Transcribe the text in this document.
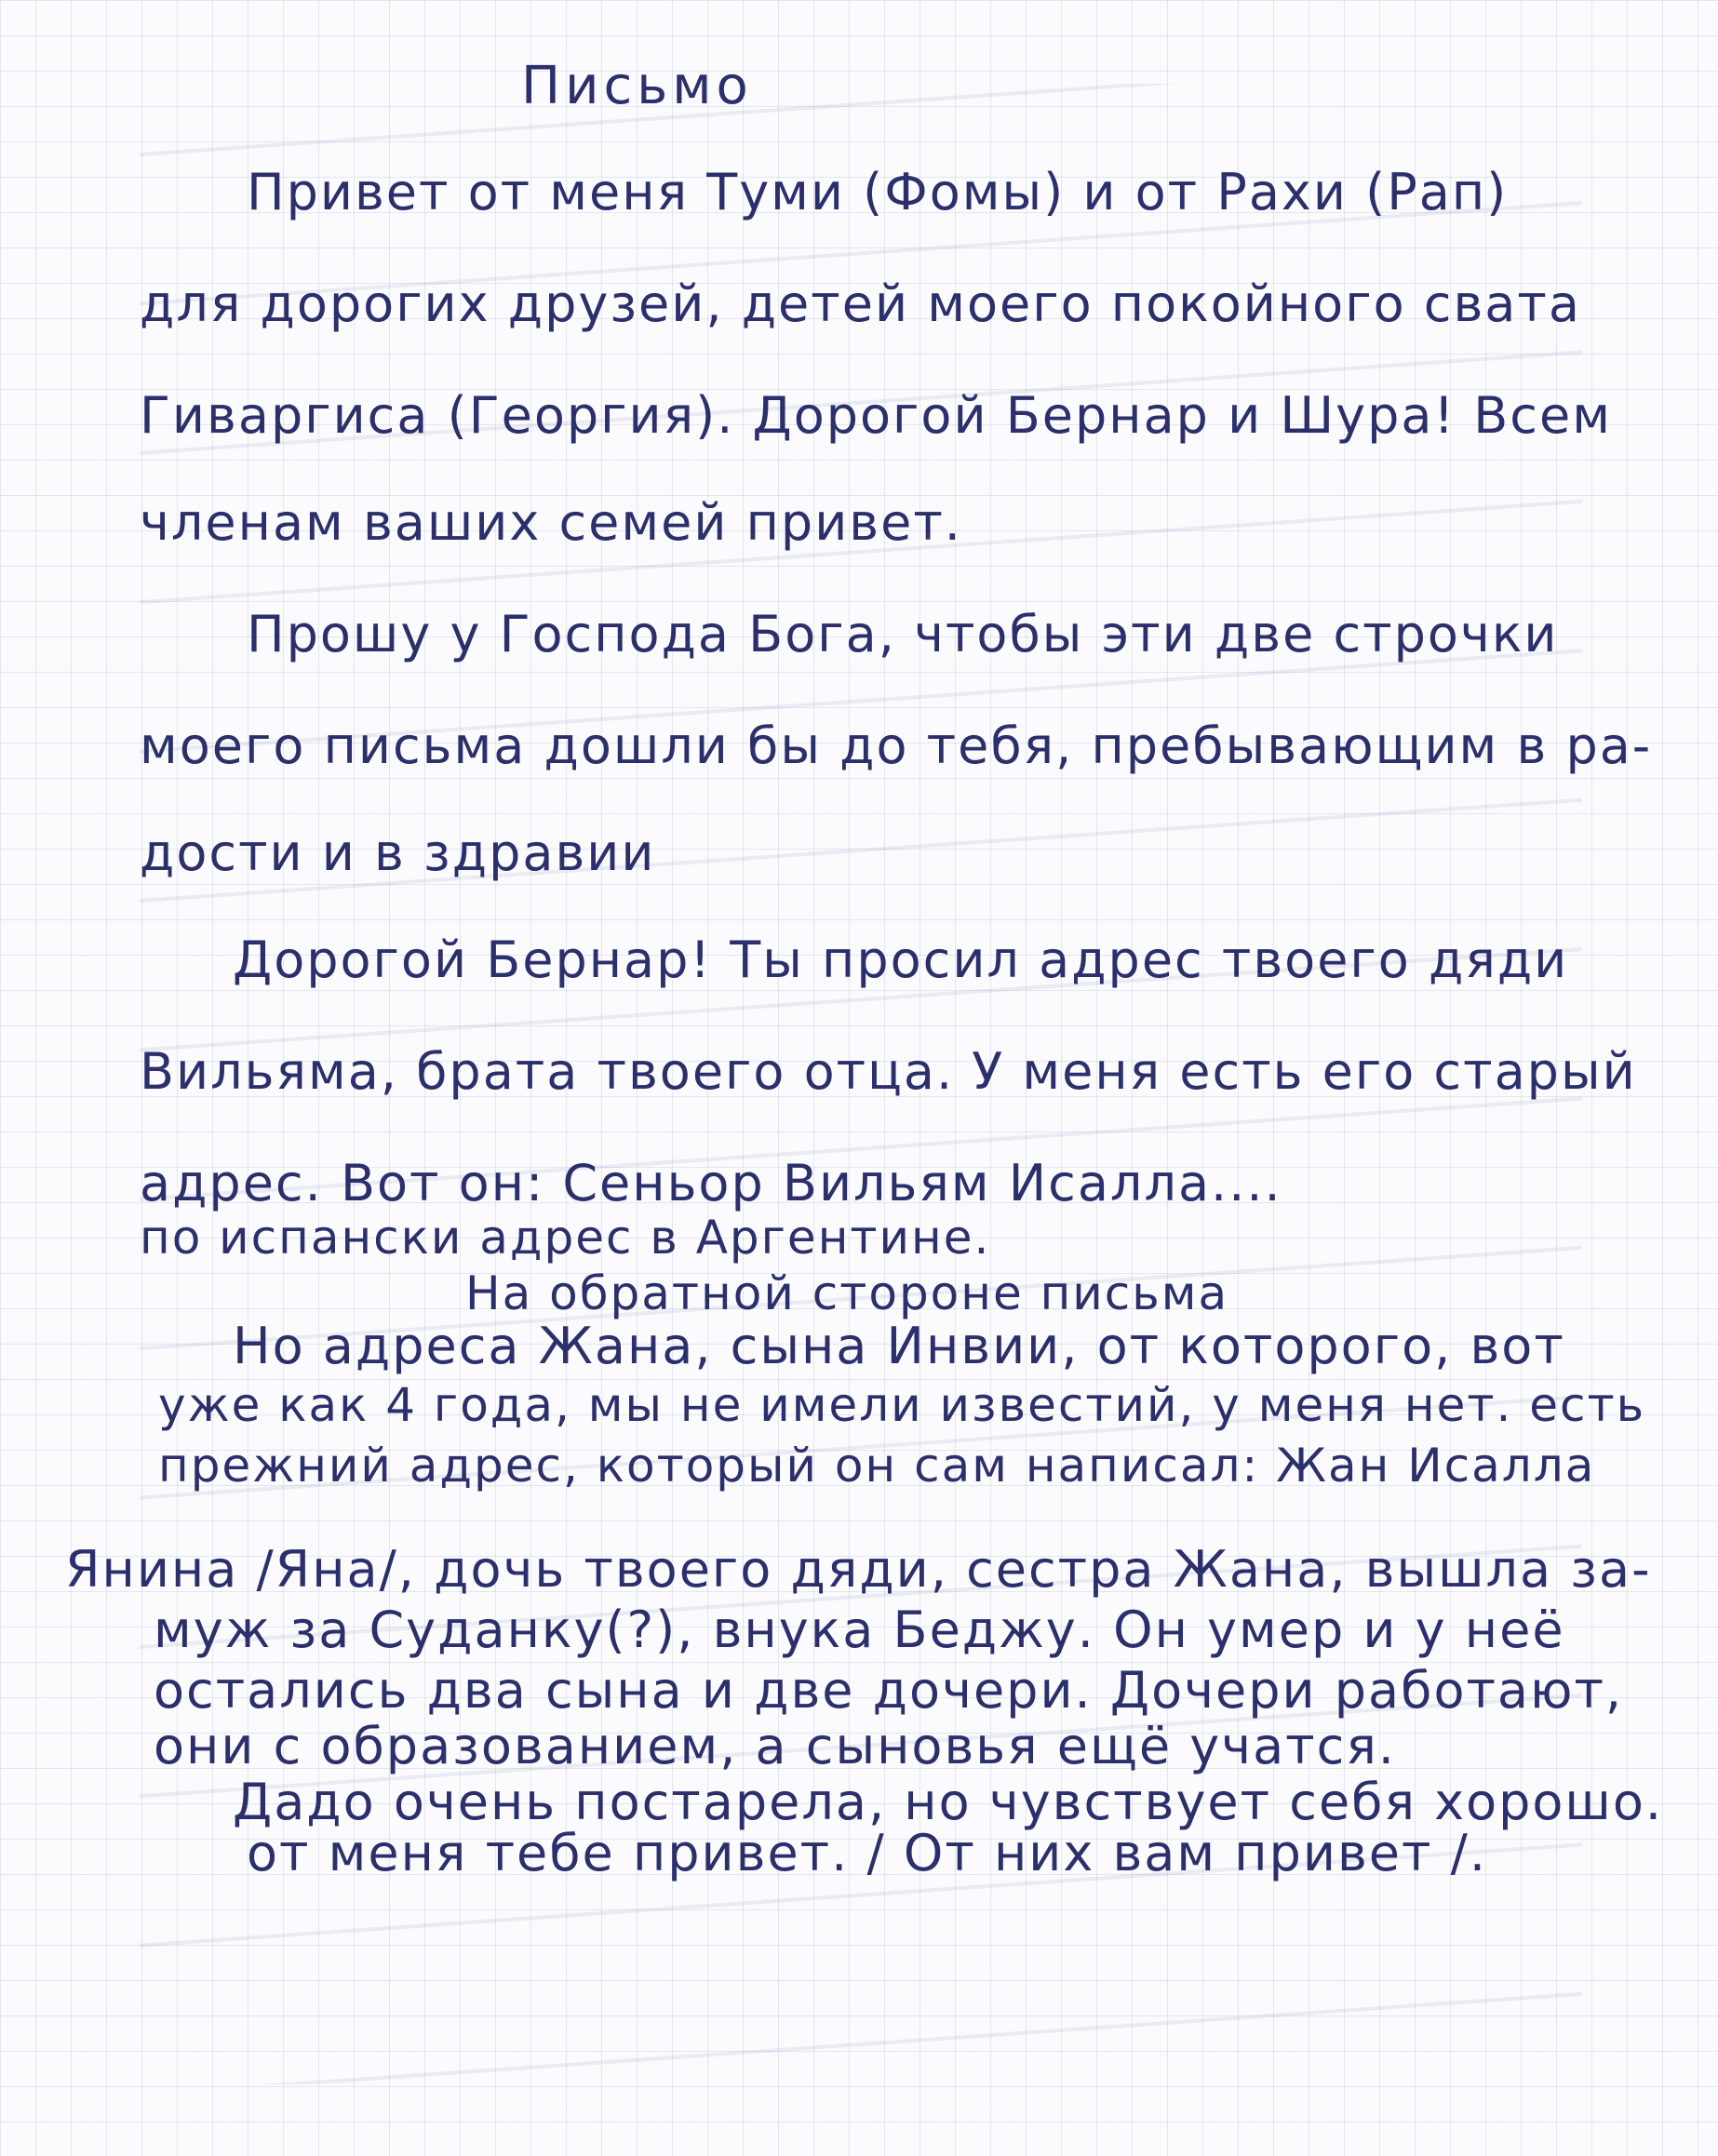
Письмо

Привет от меня Туми (Фомы) и от Рахи (Рап)

для дорогих друзей, детей моего покойного свата

Гиваргиса (Георгия). Дорогой Бернар и Шура! Всем

членам ваших семей привет.

Прошу у Господа Бога, чтобы эти две строчки

моего письма дошли бы до тебя, пребывающим в ра-

дости и в здравии

Дорогой Бернар! Ты просил адрес твоего дяди

Вильяма, брата твоего отца. У меня есть его старый

адрес. Вот он: Сеньор Вильям Исалла....

по испански адрес в Аргентине.

На обратной стороне письма

Но адреса Жана, сына Инвии, от которого, вот

уже как 4 года, мы не имели известий, у меня нет. есть

прежний адрес, который он сам написал: Жан Исалла

Янина /Яна/, дочь твоего дяди, сестра Жана, вышла за-

муж за Суданку(?), внука Беджу. Он умер и у неё

остались два сына и две дочери. Дочери работают,

они с образованием, а сыновья ещё учатся.

Дадо очень постарела, но чувствует себя хорошо.

от меня тебе привет. / От них вам привет /.
